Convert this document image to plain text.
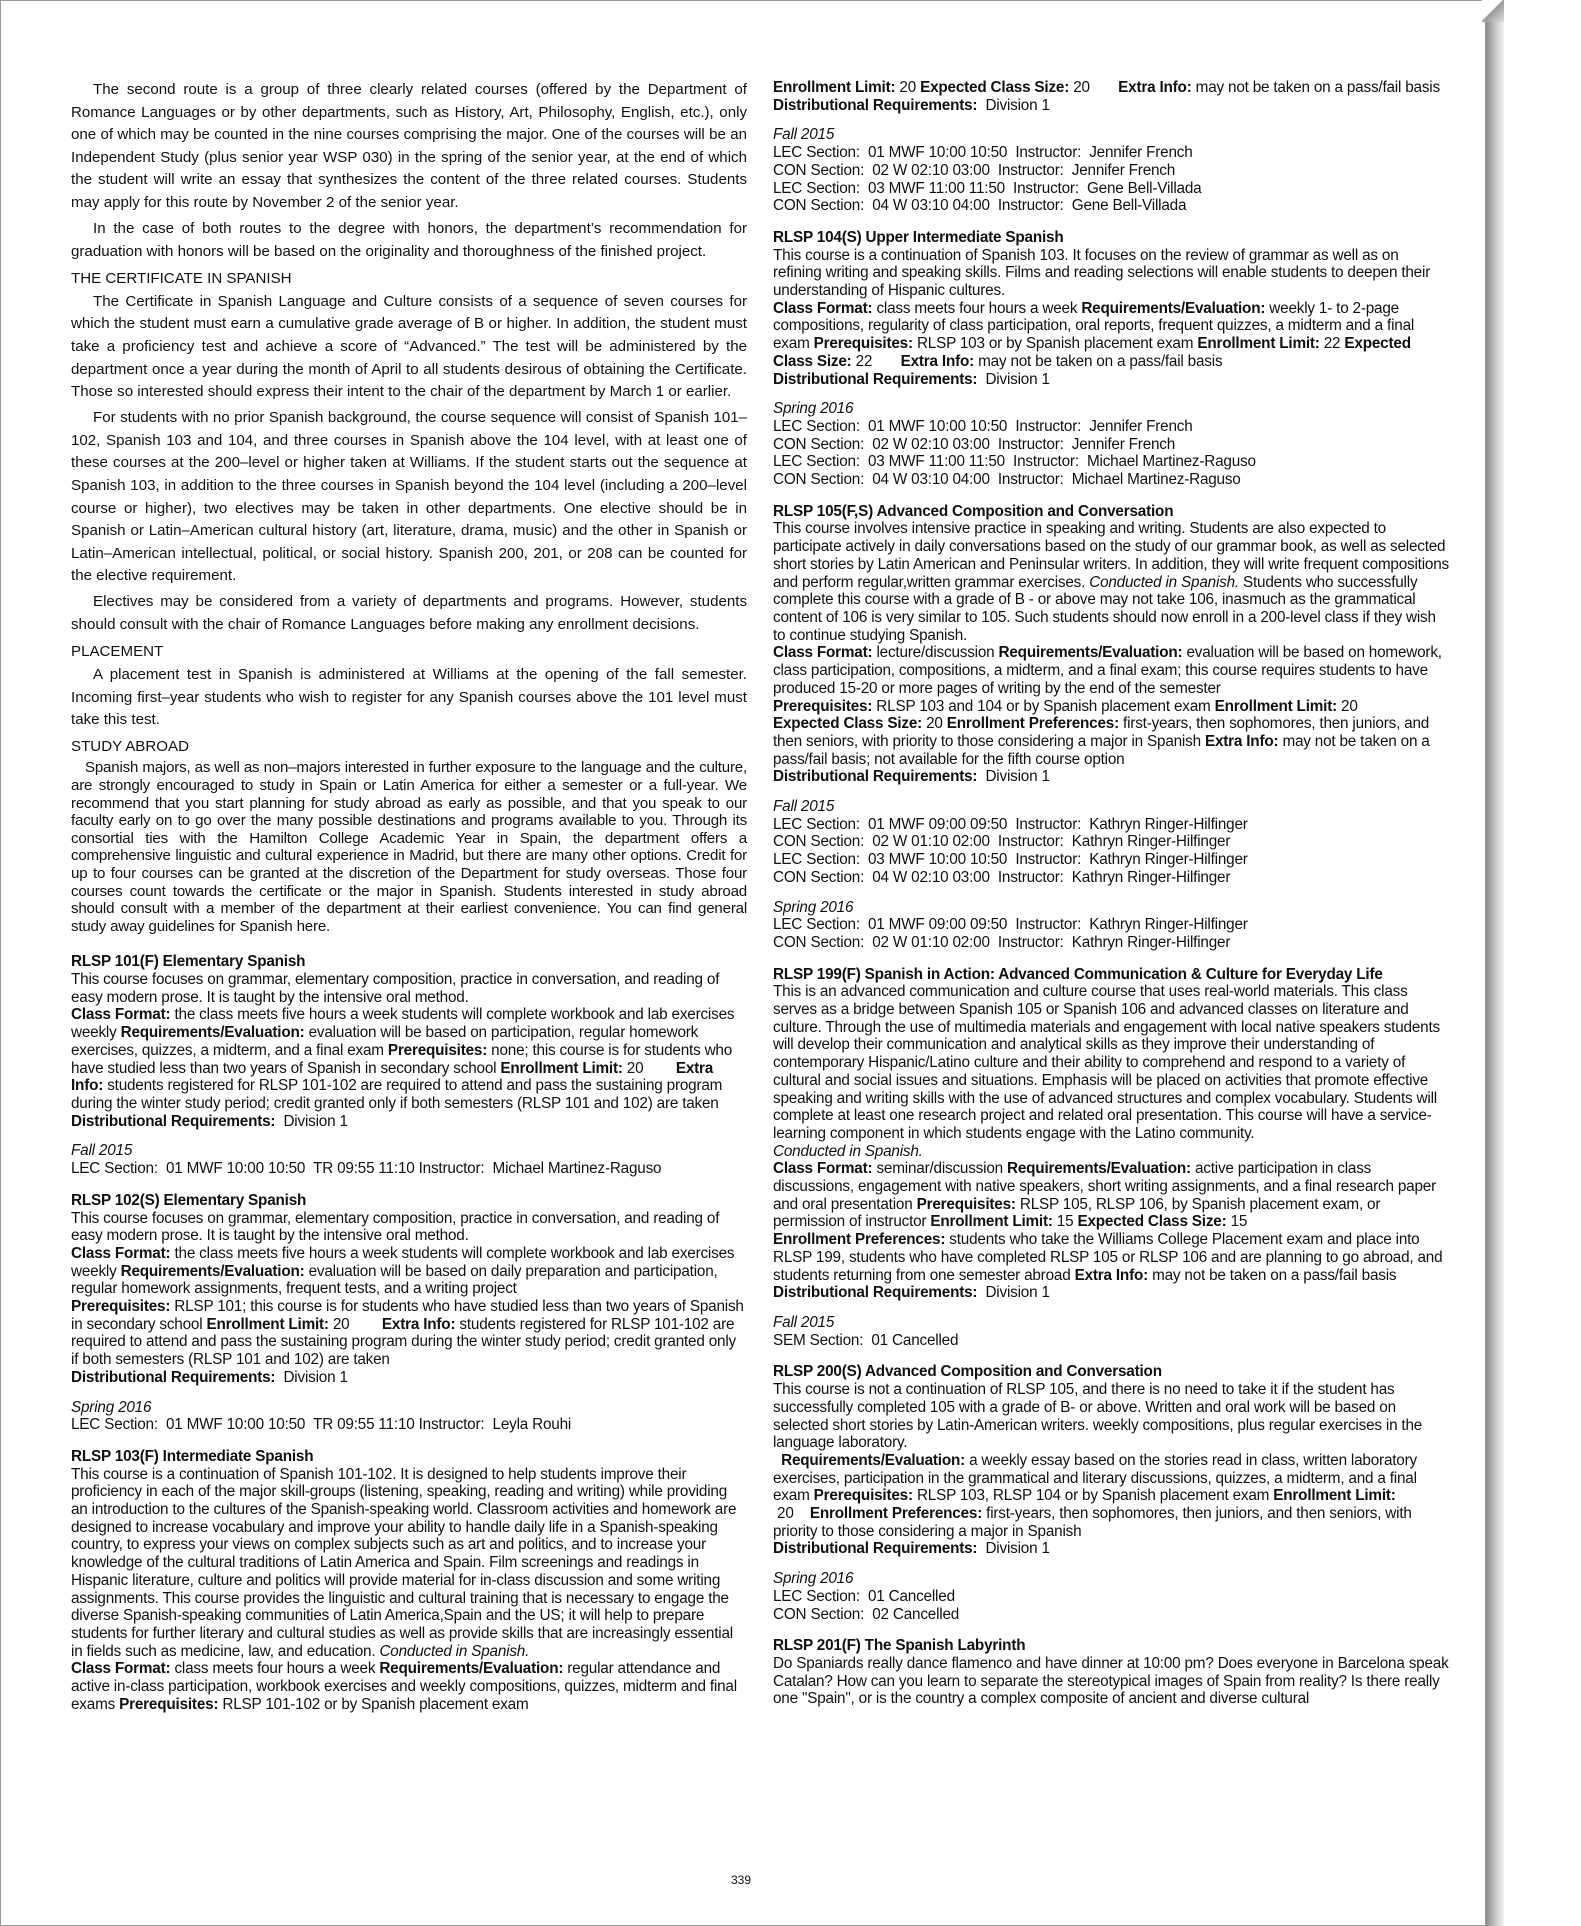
The second route is a group of three clearly related courses (offered by the Department of Romance Languages or by other departments, such as History, Art, Philosophy, English, etc.), only one of which may be counted in the nine courses comprising the major. One of the courses will be an Independent Study (plus senior year WSP 030) in the spring of the senior year, at the end of which the student will write an essay that synthesizes the content of the three related courses. Students may apply for this route by November 2 of the senior year.

In the case of both routes to the degree with honors, the department’s recommendation for graduation with honors will be based on the originality and thoroughness of the finished project.

THE CERTIFICATE IN SPANISH

The Certificate in Spanish Language and Culture consists of a sequence of seven courses for which the student must earn a cumulative grade average of B or higher. In addition, the student must take a proficiency test and achieve a score of “Advanced.” The test will be administered by the department once a year during the month of April to all students desirous of obtaining the Certificate. Those so interested should express their intent to the chair of the department by March 1 or earlier.

For students with no prior Spanish background, the course sequence will consist of Spanish 101–102, Spanish 103 and 104, and three courses in Spanish above the 104 level, with at least one of these courses at the 200–level or higher taken at Williams. If the student starts out the sequence at Spanish 103, in addition to the three courses in Spanish beyond the 104 level (including a 200–level course or higher), two electives may be taken in other departments. One elective should be in Spanish or Latin–American cultural history (art, literature, drama, music) and the other in Spanish or Latin–American intellectual, political, or social history. Spanish 200, 201, or 208 can be counted for the elective requirement.

Electives may be considered from a variety of departments and programs. However, students should consult with the chair of Romance Languages before making any enrollment decisions.

PLACEMENT

A placement test in Spanish is administered at Williams at the opening of the fall semester. Incoming first–year students who wish to register for any Spanish courses above the 101 level must take this test.

STUDY ABROAD

Spanish majors, as well as non–majors interested in further exposure to the language and the culture, are strongly encouraged to study in Spain or Latin America for either a semester or a full-year. We recommend that you start planning for study abroad as early as possible, and that you speak to our faculty early on to go over the many possible destinations and programs available to you. Through its consortial ties with the Hamilton College Academic Year in Spain, the department offers a comprehensive linguistic and cultural experience in Madrid, but there are many other options. Credit for up to four courses can be granted at the discretion of the Department for study overseas. Those four courses count towards the certificate or the major in Spanish. Students interested in study abroad should consult with a member of the department at their earliest convenience. You can find general study away guidelines for Spanish here.

RLSP 101(F) Elementary Spanish
This course focuses on grammar, elementary composition, practice in conversation, and reading of easy modern prose. It is taught by the intensive oral method.
Class Format: the class meets five hours a week students will complete workbook and lab exercises weekly Requirements/Evaluation: evaluation will be based on participation, regular homework exercises, quizzes, a midterm, and a final exam Prerequisites: none; this course is for students who have studied less than two years of Spanish in secondary school Enrollment Limit: 20        Extra Info: students registered for RLSP 101-102 are required to attend and pass the sustaining program during the winter study period; credit granted only if both semesters (RLSP 101 and 102) are taken
Distributional Requirements:  Division 1
Fall 2015
LEC Section:  01 MWF 10:00 10:50  TR 09:55 11:10 Instructor:  Michael Martinez-Raguso
RLSP 102(S) Elementary Spanish
This course focuses on grammar, elementary composition, practice in conversation, and reading of easy modern prose. It is taught by the intensive oral method.
Class Format: the class meets five hours a week students will complete workbook and lab exercises weekly Requirements/Evaluation: evaluation will be based on daily preparation and participation, regular homework assignments, frequent tests, and a writing project
Prerequisites: RLSP 101; this course is for students who have studied less than two years of Spanish in secondary school Enrollment Limit: 20        Extra Info: students registered for RLSP 101-102 are required to attend and pass the sustaining program during the winter study period; credit granted only if both semesters (RLSP 101 and 102) are taken
Distributional Requirements:  Division 1
Spring 2016
LEC Section:  01 MWF 10:00 10:50  TR 09:55 11:10 Instructor:  Leyla Rouhi
RLSP 103(F) Intermediate Spanish
This course is a continuation of Spanish 101-102. It is designed to help students improve their proficiency in each of the major skill-groups (listening, speaking, reading and writing) while providing an introduction to the cultures of the Spanish-speaking world. Classroom activities and homework are designed to increase vocabulary and improve your ability to handle daily life in a Spanish-speaking country, to express your views on complex subjects such as art and politics, and to increase your knowledge of the cultural traditions of Latin America and Spain. Film screenings and readings in Hispanic literature, culture and politics will provide material for in-class discussion and some writing assignments. This course provides the linguistic and cultural training that is necessary to engage the diverse Spanish-speaking communities of Latin America,Spain and the US; it will help to prepare students for further literary and cultural studies as well as provide skills that are increasingly essential in fields such as medicine, law, and education. Conducted in Spanish.
Class Format: class meets four hours a week Requirements/Evaluation: regular attendance and active in-class participation, workbook exercises and weekly compositions, quizzes, midterm and final exams Prerequisites: RLSP 101-102 or by Spanish placement exam
Enrollment Limit: 20 Expected Class Size: 20       Extra Info: may not be taken on a pass/fail basis
Distributional Requirements:  Division 1
Fall 2015
LEC Section:  01 MWF 10:00 10:50  Instructor:  Jennifer French
CON Section:  02 W 02:10 03:00  Instructor:  Jennifer French
LEC Section:  03 MWF 11:00 11:50  Instructor:  Gene Bell-Villada
CON Section:  04 W 03:10 04:00  Instructor:  Gene Bell-Villada
RLSP 104(S) Upper Intermediate Spanish
This course is a continuation of Spanish 103. It focuses on the review of grammar as well as on refining writing and speaking skills. Films and reading selections will enable students to deepen their understanding of Hispanic cultures.
Class Format: class meets four hours a week Requirements/Evaluation: weekly 1- to 2-page compositions, regularity of class participation, oral reports, frequent quizzes, a midterm and a final exam Prerequisites: RLSP 103 or by Spanish placement exam Enrollment Limit: 22 Expected Class Size: 22       Extra Info: may not be taken on a pass/fail basis
Distributional Requirements:  Division 1
Spring 2016
LEC Section:  01 MWF 10:00 10:50  Instructor:  Jennifer French
CON Section:  02 W 02:10 03:00  Instructor:  Jennifer French
LEC Section:  03 MWF 11:00 11:50  Instructor:  Michael Martinez-Raguso
CON Section:  04 W 03:10 04:00  Instructor:  Michael Martinez-Raguso
RLSP 105(F,S) Advanced Composition and Conversation
This course involves intensive practice in speaking and writing. Students are also expected to participate actively in daily conversations based on the study of our grammar book, as well as selected short stories by Latin American and Peninsular writers. In addition, they will write frequent compositions and perform regular,written grammar exercises. Conducted in Spanish. Students who successfully complete this course with a grade of B - or above may not take 106, inasmuch as the grammatical content of 106 is very similar to 105. Such students should now enroll in a 200-level class if they wish to continue studying Spanish.
Class Format: lecture/discussion Requirements/Evaluation: evaluation will be based on homework, class participation, compositions, a midterm, and a final exam; this course requires students to have produced 15-20 or more pages of writing by the end of the semester
Prerequisites: RLSP 103 and 104 or by Spanish placement exam Enrollment Limit: 20
Expected Class Size: 20 Enrollment Preferences: first-years, then sophomores, then juniors, and then seniors, with priority to those considering a major in Spanish Extra Info: may not be taken on a pass/fail basis; not available for the fifth course option
Distributional Requirements:  Division 1
Fall 2015
LEC Section:  01 MWF 09:00 09:50  Instructor:  Kathryn Ringer-Hilfinger
CON Section:  02 W 01:10 02:00  Instructor:  Kathryn Ringer-Hilfinger
LEC Section:  03 MWF 10:00 10:50  Instructor:  Kathryn Ringer-Hilfinger
CON Section:  04 W 02:10 03:00  Instructor:  Kathryn Ringer-Hilfinger
Spring 2016
LEC Section:  01 MWF 09:00 09:50  Instructor:  Kathryn Ringer-Hilfinger
CON Section:  02 W 01:10 02:00  Instructor:  Kathryn Ringer-Hilfinger
RLSP 199(F) Spanish in Action: Advanced Communication & Culture for Everyday Life
This is an advanced communication and culture course that uses real-world materials. This class serves as a bridge between Spanish 105 or Spanish 106 and advanced classes on literature and culture. Through the use of multimedia materials and engagement with local native speakers students will develop their communication and analytical skills as they improve their understanding of contemporary Hispanic/Latino culture and their ability to comprehend and respond to a variety of cultural and social issues and situations. Emphasis will be placed on activities that promote effective speaking and writing skills with the use of advanced structures and complex vocabulary. Students will complete at least one research project and related oral presentation. This course will have a service-learning component in which students engage with the Latino community.
Conducted in Spanish.
Class Format: seminar/discussion Requirements/Evaluation: active participation in class discussions, engagement with native speakers, short writing assignments, and a final research paper and oral presentation Prerequisites: RLSP 105, RLSP 106, by Spanish placement exam, or permission of instructor Enrollment Limit: 15 Expected Class Size: 15
Enrollment Preferences: students who take the Williams College Placement exam and place into RLSP 199, students who have completed RLSP 105 or RLSP 106 and are planning to go abroad, and students returning from one semester abroad Extra Info: may not be taken on a pass/fail basis
Distributional Requirements:  Division 1
Fall 2015
SEM Section:  01 Cancelled
RLSP 200(S) Advanced Composition and Conversation
This course is not a continuation of RLSP 105, and there is no need to take it if the student has successfully completed 105 with a grade of B- or above. Written and oral work will be based on selected short stories by Latin-American writers. weekly compositions, plus regular exercises in the language laboratory.
Requirements/Evaluation: a weekly essay based on the stories read in class, written laboratory exercises, participation in the grammatical and literary discussions, quizzes, a midterm, and a final exam Prerequisites: RLSP 103, RLSP 104 or by Spanish placement exam Enrollment Limit: 20    Enrollment Preferences: first-years, then sophomores, then juniors, and then seniors, with priority to those considering a major in Spanish
Distributional Requirements:  Division 1
Spring 2016
LEC Section:  01 Cancelled
CON Section:  02 Cancelled
RLSP 201(F) The Spanish Labyrinth
Do Spaniards really dance flamenco and have dinner at 10:00 pm? Does everyone in Barcelona speak Catalan? How can you learn to separate the stereotypical images of Spain from reality? Is there really one "Spain", or is the country a complex composite of ancient and diverse cultural
339
